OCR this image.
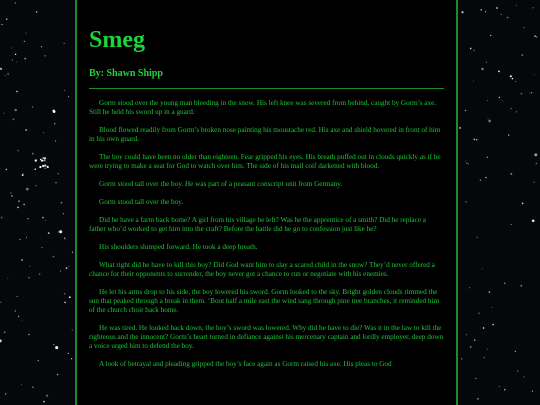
Smeg
By: Shawn Shipp

Gorm stood over the young man bleeding in the snow. His left knee was severed from behind, caught by Gorm’s axe. Still he held his sword up in a guard.

Blood flowed readily from Gorm’s broken nose painting his moustache red. His axe and shield hovered in front of him in his own guard.

The boy could have been no older than eighteen. Fear gripped his eyes. His breath puffed out in clouds quickly as if he were trying to make a seat for God to watch over him. The side of his mail coif darkened with blood.

Gorm stood tall over the boy. He was part of a peasant conscript unit from Germany.

Gorm stood tall over the boy.

Did he have a farm back home? A girl from his village he left? Was he the apprentice of a smith? Did he replace a father who’d worked to get him into the craft? Before the battle did he go to confession just like he?

His shoulders slumped forward. He took a deep breath.

What right did he have to kill this boy? Did God want him to slay a scared child in the snow? They’d never offered a chance for their opponents to surrender, the boy never got a chance to run or negotiate with his enemies.

He let his arms drop to his side, the boy lowered his sword. Gorm looked to the sky. Bright golden clouds rimmed the sun that peaked through a break in them. ‘Bout half a mile east the wind sang through pine tree branches, it reminded him of the church choir back home.

He was tired. He looked back down, the boy’s sword was lowered. Why did he have to die? Was it in the law to kill the righteous and the innocent? Gorm’s heart turned in defiance against his mercenary captain and lordly employer, deep down a voice urged him to defend the boy.

A look of betrayal and pleading gripped the boy’s face again as Gorm raised his axe. His pleas to God
